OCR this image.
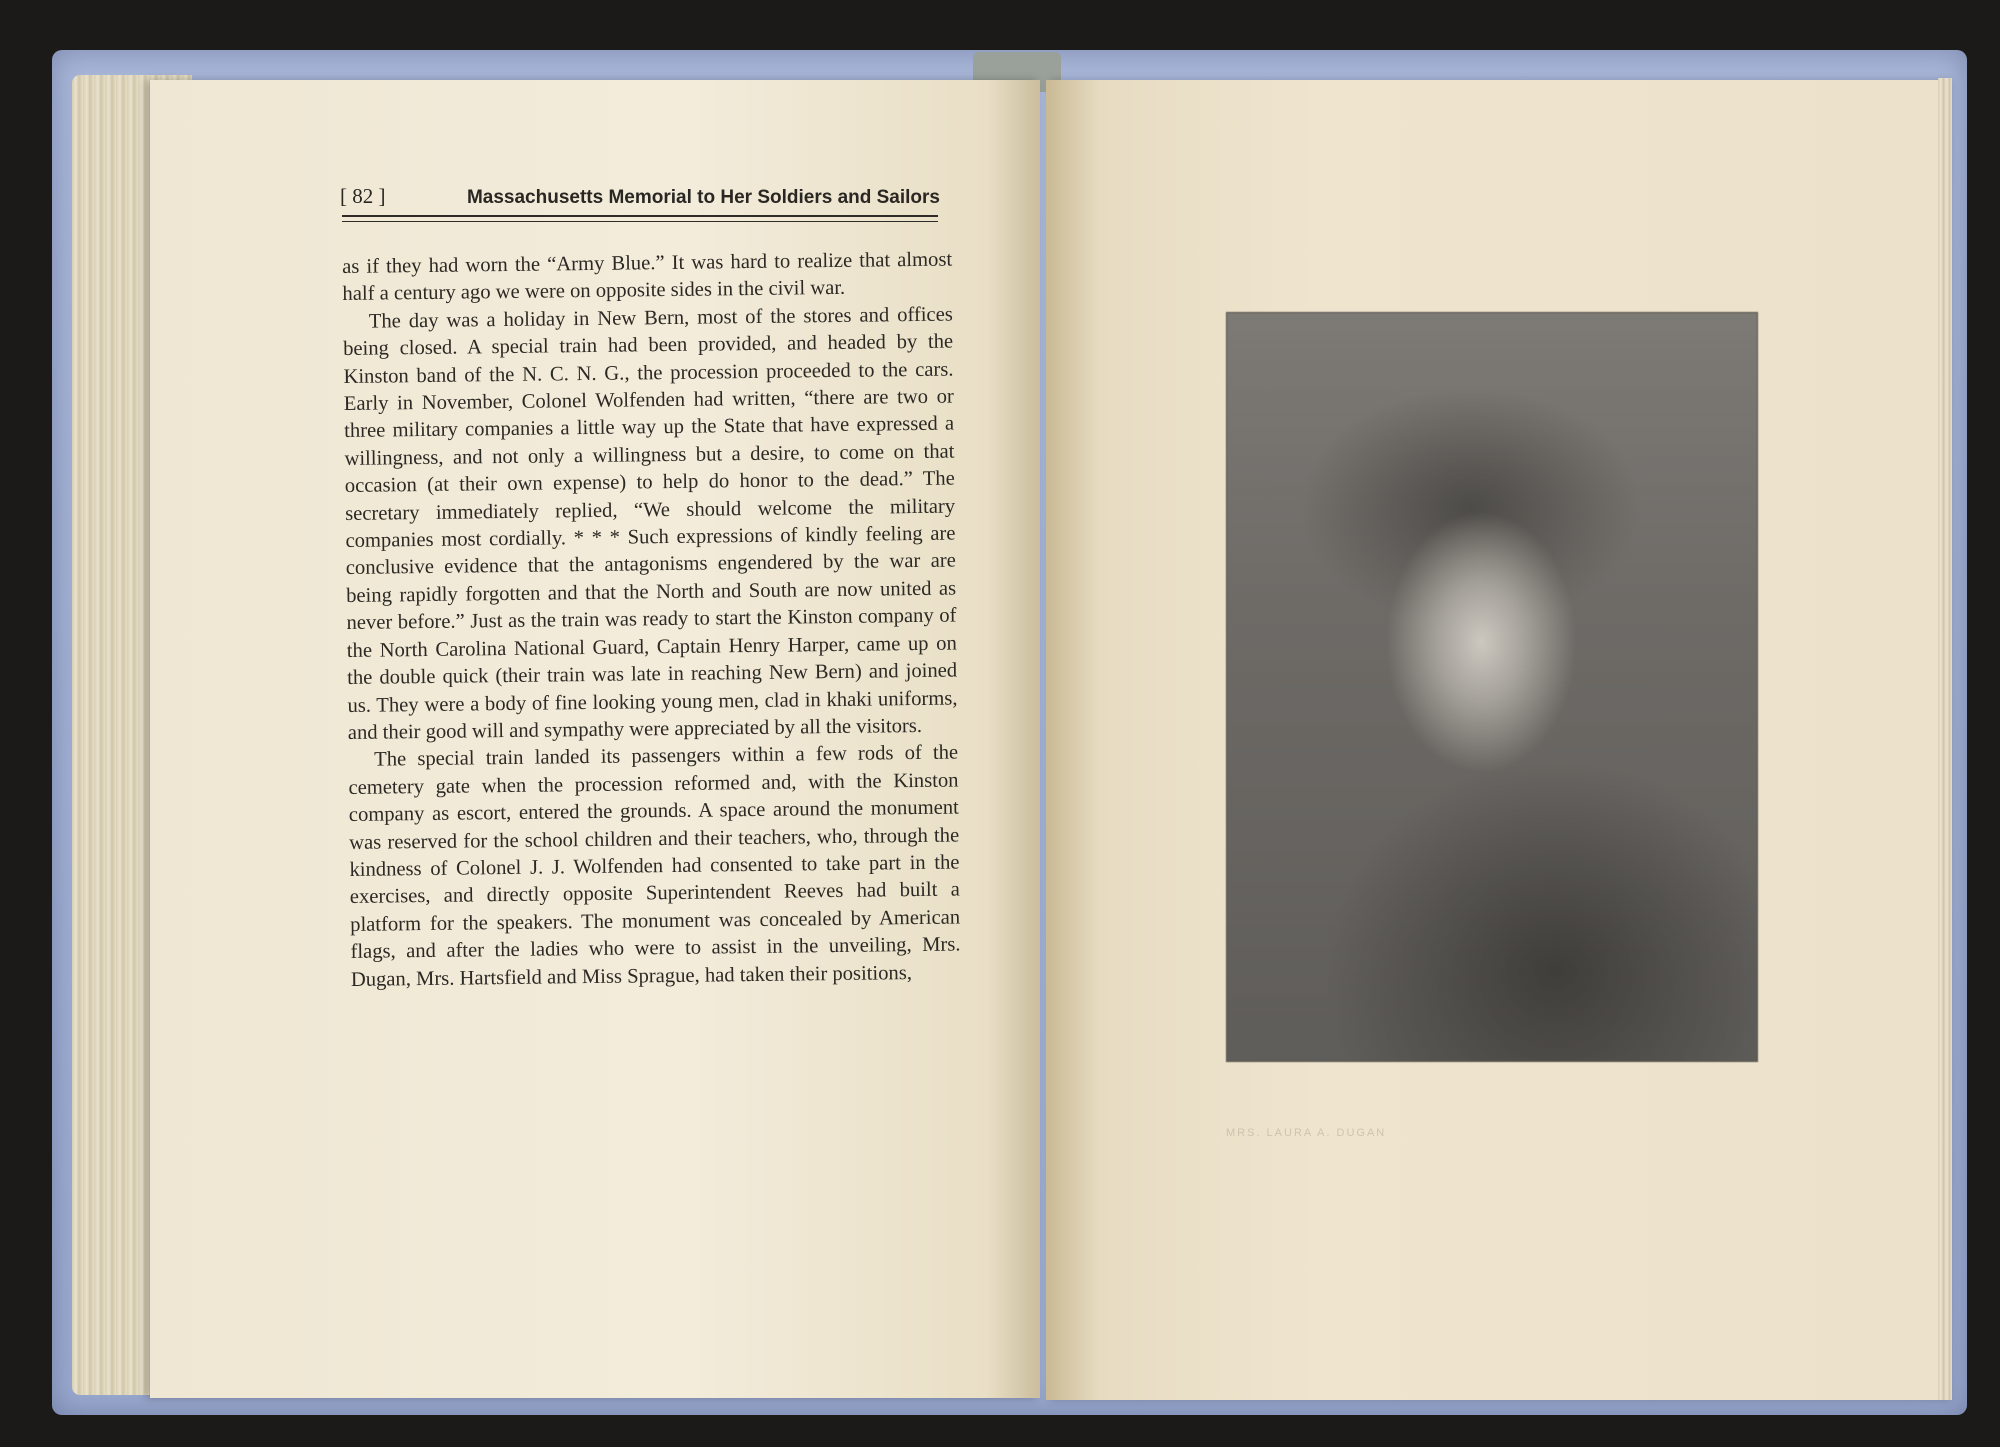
[ 82 ]	Massachusetts Memorial to Her Soldiers and Sailors

as if they had worn the “Army Blue.” It was hard to realize that almost half a century ago we were on opposite sides in the civil war.

The day was a holiday in New Bern, most of the stores and offices being closed. A special train had been provided, and headed by the Kinston band of the N. C. N. G., the procession proceeded to the cars. Early in November, Colonel Wolfenden had written, “there are two or three military companies a little way up the State that have expressed a willingness, and not only a willingness but a desire, to come on that occasion (at their own expense) to help do honor to the dead.” The secretary immediately replied, “We should welcome the military companies most cordially. * * * Such expressions of kindly feeling are conclusive evidence that the antagonisms engendered by the war are being rapidly forgotten and that the North and South are now united as never before.” Just as the train was ready to start the Kinston company of the North Carolina National Guard, Captain Henry Harper, came up on the double quick (their train was late in reaching New Bern) and joined us. They were a body of fine looking young men, clad in khaki uniforms, and their good will and sympathy were appreciated by all the visitors.

The special train landed its passengers within a few rods of the cemetery gate when the procession reformed and, with the Kinston company as escort, entered the grounds. A space around the monument was reserved for the school children and their teachers, who, through the kindness of Colonel J. J. Wolfenden had consented to take part in the exercises, and directly opposite Superintendent Reeves had built a platform for the speakers. The monument was concealed by American flags, and after the ladies who were to assist in the unveiling, Mrs. Dugan, Mrs. Hartsfield and Miss Sprague, had taken their positions,

MRS. LAURA A. DUGAN
